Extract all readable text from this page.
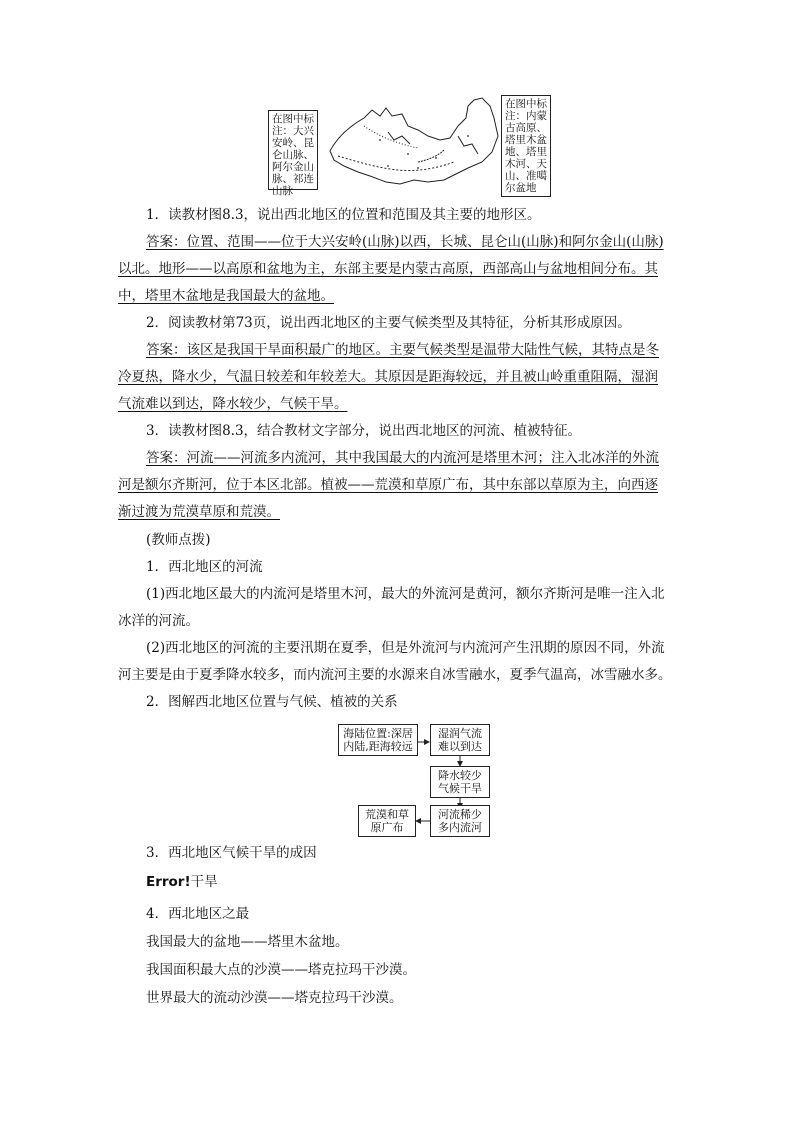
在图中标注：大兴安岭、昆仑山脉、阿尔金山脉、祁连山脉
在图中标注：内蒙古高原、塔里木盆地、塔里木河、天山、准噶尔盆地
1．读教材图8.3，说出西北地区的位置和范围及其主要的地形区。
答案：位置、范围——位于大兴安岭(山脉)以西，长城、昆仑山(山脉)和阿尔金山(山脉)
以北。地形——以高原和盆地为主，东部主要是内蒙古高原，西部高山与盆地相间分布。其
中，塔里木盆地是我国最大的盆地。
2．阅读教材第73页，说出西北地区的主要气候类型及其特征，分析其形成原因。
答案：该区是我国干旱面积最广的地区。主要气候类型是温带大陆性气候，其特点是冬
冷夏热，降水少，气温日较差和年较差大。其原因是距海较远，并且被山岭重重阻隔，湿润
气流难以到达，降水较少，气候干旱。
3．读教材图8.3，结合教材文字部分，说出西北地区的河流、植被特征。
答案：河流——河流多内流河，其中我国最大的内流河是塔里木河；注入北冰洋的外流
河是额尔齐斯河，位于本区北部。植被——荒漠和草原广布，其中东部以草原为主，向西逐
渐过渡为荒漠草原和荒漠。
(教师点拨)
1．西北地区的河流
(1)西北地区最大的内流河是塔里木河，最大的外流河是黄河，额尔齐斯河是唯一注入北
冰洋的河流。
(2)西北地区的河流的主要汛期在夏季，但是外流河与内流河产生汛期的原因不同，外流
河主要是由于夏季降水较多，而内流河主要的水源来自冰雪融水，夏季气温高，冰雪融水多。
2．图解西北地区位置与气候、植被的关系
海陆位置:深居
内陆,距海较远
湿润气流
难以到达
降水较少
气候干旱
河流稀少
多内流河
荒漠和草
原广布
3．西北地区气候干旱的成因
Error!干旱
4．西北地区之最
我国最大的盆地——塔里木盆地。
我国面积最大点的沙漠——塔克拉玛干沙漠。
世界最大的流动沙漠——塔克拉玛干沙漠。
